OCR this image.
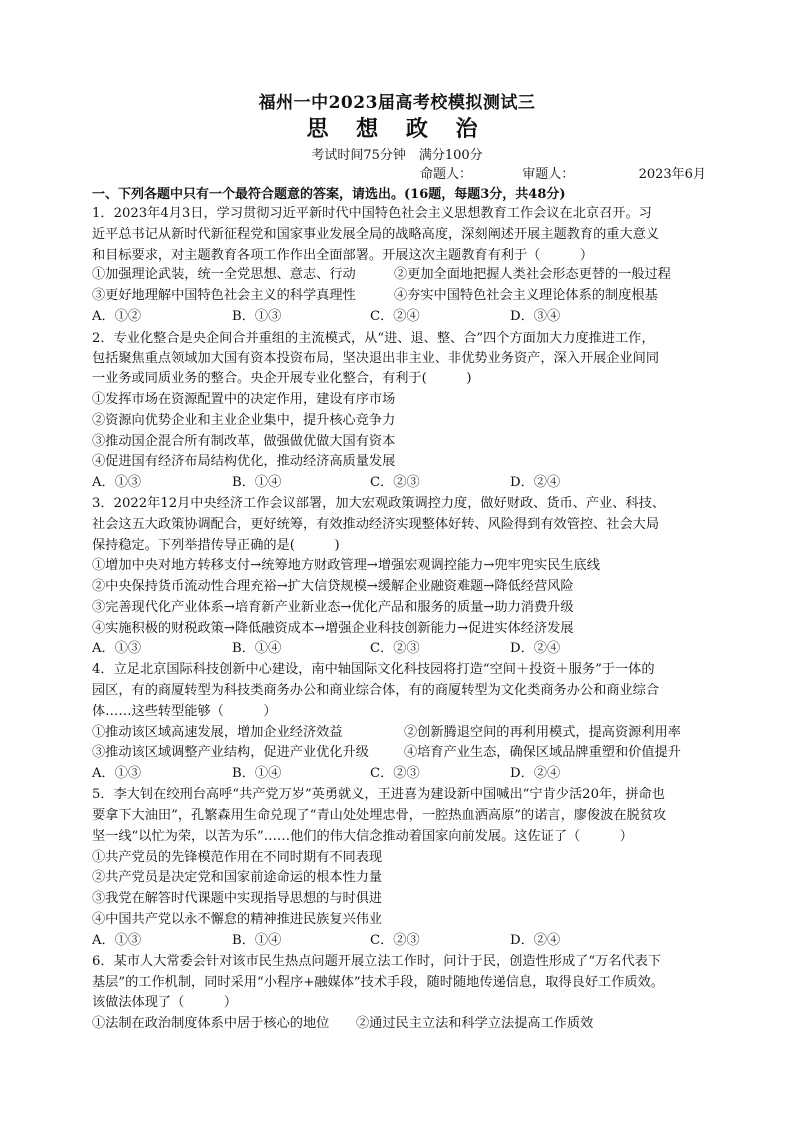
福州一中2023届高考校模拟测试三
思 想 政 治
考试时间75分钟　满分100分
命题人：	审题人：	2023年6月
一、下列各题中只有一个最符合题意的答案，请选出。(16题，每题3分，共48分)
1．2023年4月3日，学习贯彻习近平新时代中国特色社会主义思想教育工作会议在北京召开。习
近平总书记从新时代新征程党和国家事业发展全局的战略高度，深刻阐述开展主题教育的重大意义
和目标要求，对主题教育各项工作作出全面部署。开展这次主题教育有利于（　　　）
①加强理论武装，统一全党思想、意志、行动	②更加全面地把握人类社会形态更替的一般过程
③更好地理解中国特色社会主义的科学真理性	④夯实中国特色社会主义理论体系的制度根基
A．①②	B．①③	C．②④	D．③④
2．专业化整合是央企间合并重组的主流模式，从“进、退、整、合”四个方面加大力度推进工作，
包括聚焦重点领域加大国有资本投资布局，坚决退出非主业、非优势业务资产，深入开展企业间同
一业务或同质业务的整合。央企开展专业化整合，有利于(　　　)
①发挥市场在资源配置中的决定作用，建设有序市场
②资源向优势企业和主业企业集中，提升核心竞争力
③推动国企混合所有制改革，做强做优做大国有资本
④促进国有经济布局结构优化，推动经济高质量发展
A．①③	B．①④	C．②③	D．②④
3．2022年12月中央经济工作会议部署，加大宏观政策调控力度，做好财政、货币、产业、科技、
社会这五大政策协调配合，更好统筹，有效推动经济实现整体好转、风险得到有效管控、社会大局
保持稳定。下列举措传导正确的是(　　　)
①增加中央对地方转移支付→统筹地方财政管理→增强宏观调控能力→兜牢兜实民生底线
②中央保持货币流动性合理充裕→扩大信贷规模→缓解企业融资难题→降低经营风险
③完善现代化产业体系→培育新产业新业态→优化产品和服务的质量→助力消费升级
④实施积极的财税政策→降低融资成本→增强企业科技创新能力→促进实体经济发展
A．①③	B．①④	C．②③	D．②④
4．立足北京国际科技创新中心建设，南中轴国际文化科技园将打造“空间＋投资＋服务”于一体的
园区，有的商厦转型为科技类商务办公和商业综合体，有的商厦转型为文化类商务办公和商业综合
体……这些转型能够（　　　）
①推动该区域高速发展，增加企业经济效益	②创新腾退空间的再利用模式，提高资源利用率
③推动该区域调整产业结构，促进产业优化升级	④培育产业生态，确保区域品牌重塑和价值提升
A．①③	B．①④	C．②③	D．②④
5．李大钊在绞刑台高呼“共产党万岁”英勇就义，王进喜为建设新中国喊出“宁肯少活20年，拼命也
要拿下大油田”，孔繁森用生命兑现了“青山处处埋忠骨，一腔热血洒高原”的诺言，廖俊波在脱贫攻
坚一线“以忙为荣，以苦为乐”……他们的伟大信念推动着国家向前发展。这佐证了（　　　）
①共产党员的先锋模范作用在不同时期有不同表现
②共产党员是决定党和国家前途命运的根本性力量
③我党在解答时代课题中实现指导思想的与时俱进
④中国共产党以永不懈怠的精神推进民族复兴伟业
A．①③	B．①④	C．②③	D．②④
6．某市人大常委会针对该市民生热点问题开展立法工作时，问计于民，创造性形成了“万名代表下
基层”的工作机制，同时采用“小程序+融媒体”技术手段，随时随地传递信息，取得良好工作质效。
该做法体现了（　　　）
①法制在政治制度体系中居于核心的地位 ②通过民主立法和科学立法提高工作质效
